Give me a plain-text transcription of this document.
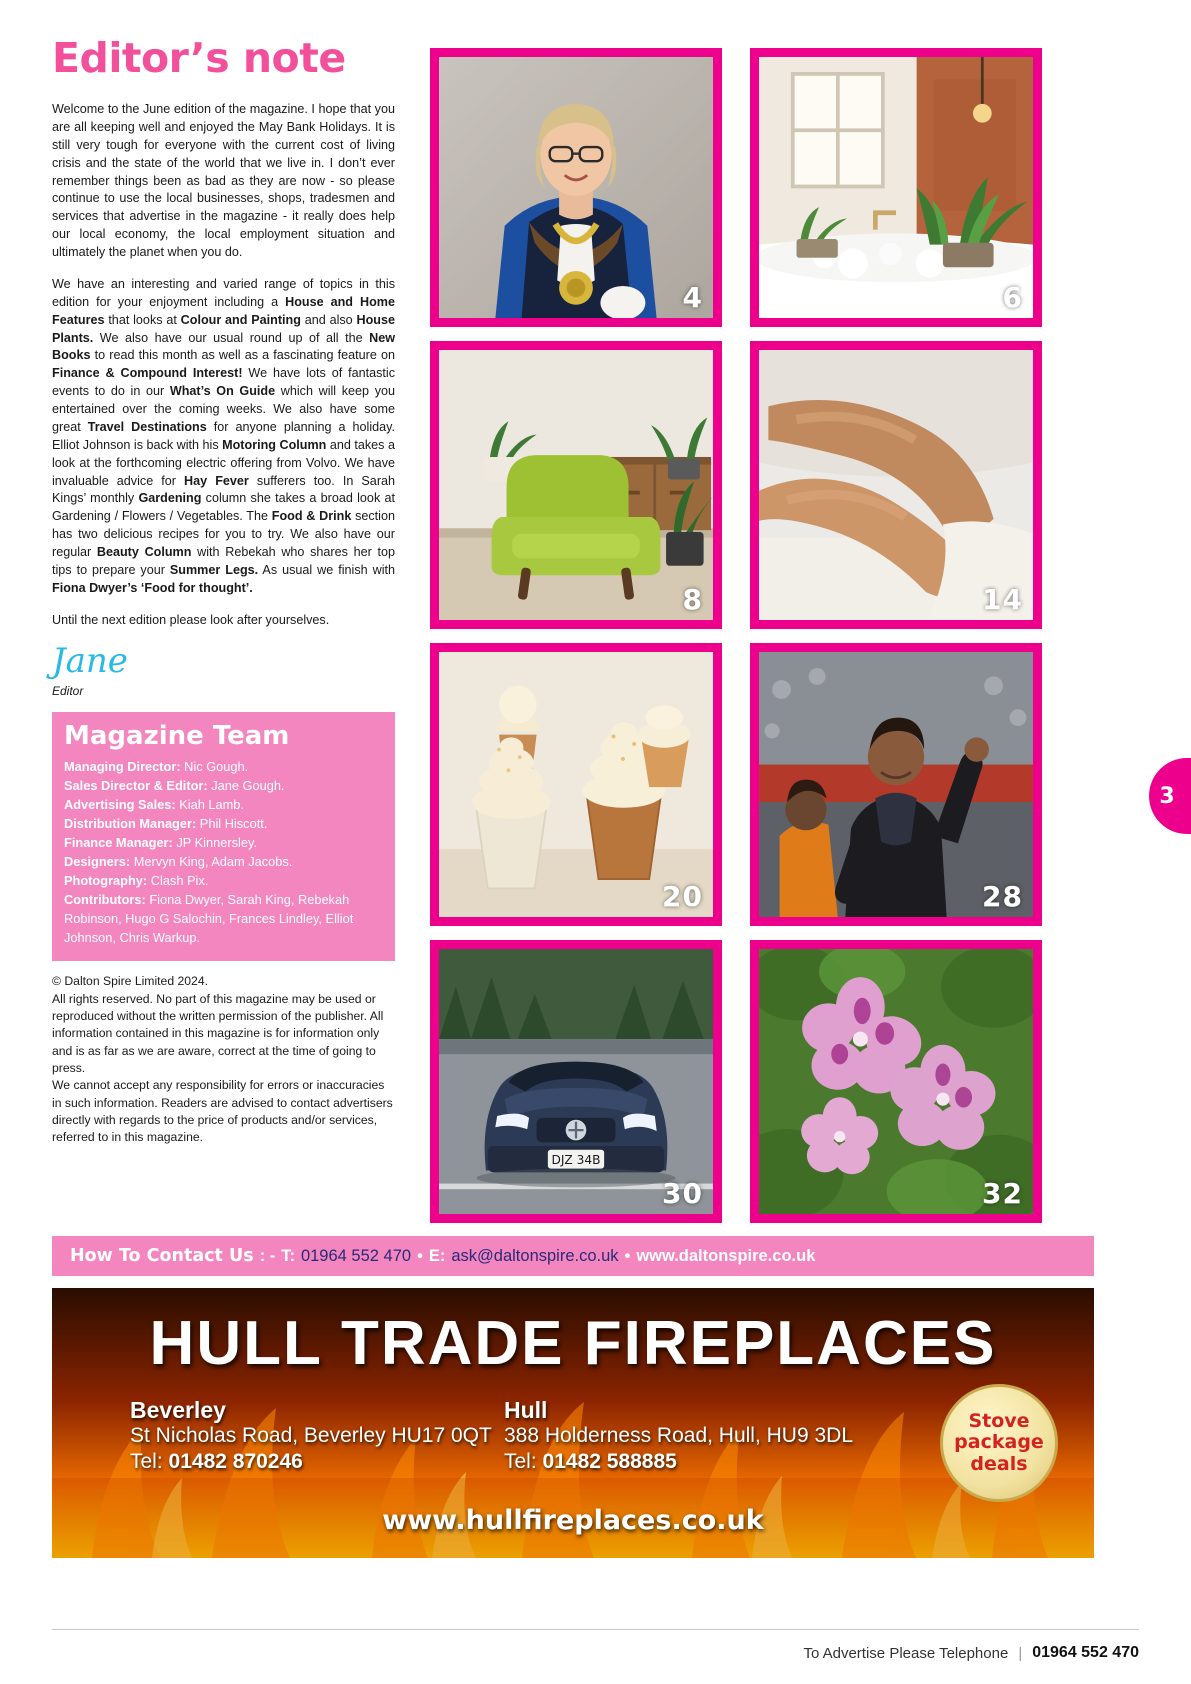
Editor’s note

Welcome to the June edition of the magazine. I hope that you are all keeping well and enjoyed the May Bank Holidays. It is still very tough for everyone with the current cost of living crisis and the state of the world that we live in. I don’t ever remember things been as bad as they are now - so please continue to use the local businesses, shops, tradesmen and services that advertise in the magazine - it really does help our local economy, the local employment situation and ultimately the planet when you do.

We have an interesting and varied range of topics in this edition for your enjoyment including a House and Home Features that looks at Colour and Painting and also House Plants. We also have our usual round up of all the New Books to read this month as well as a fascinating feature on Finance & Compound Interest! We have lots of fantastic events to do in our What’s On Guide which will keep you entertained over the coming weeks. We also have some great Travel Destinations for anyone planning a holiday. Elliot Johnson is back with his Motoring Column and takes a look at the forthcoming electric offering from Volvo. We have invaluable advice for Hay Fever sufferers too. In Sarah Kings’ monthly Gardening column she takes a broad look at Gardening / Flowers / Vegetables. The Food & Drink section has two delicious recipes for you to try. We also have our regular Beauty Column with Rebekah who shares her top tips to prepare your Summer Legs. As usual we finish with Fiona Dwyer’s ‘Food for thought’.

Until the next edition please look after yourselves.

Jane
Editor
Magazine Team
Managing Director: Nic Gough.
Sales Director & Editor: Jane Gough.
Advertising Sales: Kiah Lamb.
Distribution Manager: Phil Hiscott.
Finance Manager: JP Kinnersley.
Designers: Mervyn King, Adam Jacobs.
Photography: Clash Pix.
Contributors: Fiona Dwyer, Sarah King, Rebekah Robinson, Hugo G Salochin, Frances Lindley, Elliot Johnson, Chris Warkup.
© Dalton Spire Limited 2024.
All rights reserved. No part of this magazine may be used or reproduced without the written permission of the publisher. All information contained in this magazine is for information only and is as far as we are aware, correct at the time of going to press.
We cannot accept any responsibility for errors or inaccuracies in such information. Readers are advised to contact advertisers directly with regards to the price of products and/or services, referred to in this magazine.
4	6
8	14
20	28
DJZ 34B
30	32
3
How To Contact Us : - T: 01964 552 470 • E: ask@daltonspire.co.uk • www.daltonspire.co.uk
HULL TRADE FIREPLACES
Beverley
St Nicholas Road, Beverley HU17 0QT
Tel: 01482 870246
Hull
388 Holderness Road, Hull, HU9 3DL
Tel: 01482 588885
Stove
package
deals
www.hullfireplaces.co.uk
To Advertise Please Telephone | 01964 552 470
